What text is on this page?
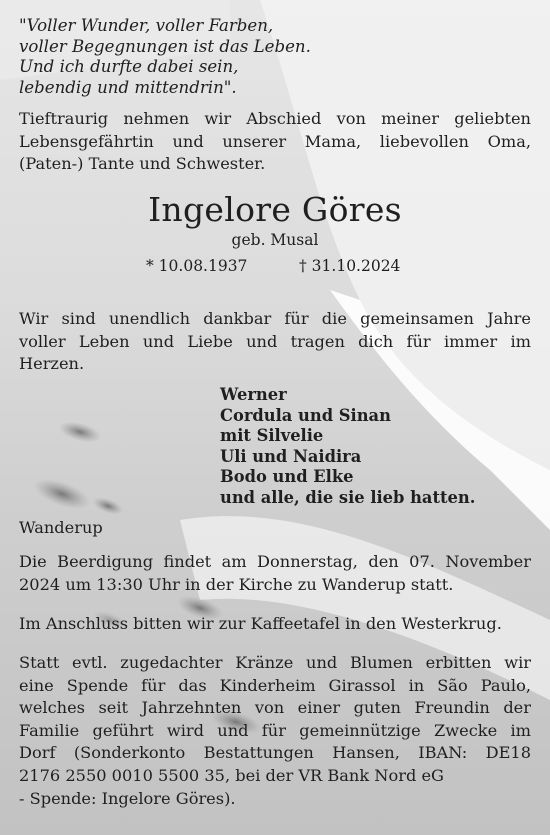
"Voller Wunder, voller Farben,
voller Begegnungen ist das Leben.
Und ich durfte dabei sein,
lebendig und mittendrin".
Tieftraurig nehmen wir Abschied von meiner geliebten
Lebensgefährtin und unserer Mama, liebevollen Oma,
(Paten-) Tante und Schwester.
Ingelore Göres
geb. Musal
* 10.08.1937	† 31.10.2024
Wir sind unendlich dankbar für die gemeinsamen Jahre
voller Leben und Liebe und tragen dich für immer im
Herzen.
Werner
Cordula und Sinan
mit Silvelie
Uli und Naidira
Bodo und Elke
und alle, die sie lieb hatten.
Wanderup
Die Beerdigung findet am Donnerstag, den 07. November
2024 um 13:30 Uhr in der Kirche zu Wanderup statt.
Im Anschluss bitten wir zur Kaffeetafel in den Westerkrug.
Statt evtl. zugedachter Kränze und Blumen erbitten wir
eine Spende für das Kinderheim Girassol in São Paulo,
welches seit Jahrzehnten von einer guten Freundin der
Familie geführt wird und für gemeinnützige Zwecke im
Dorf (Sonderkonto Bestattungen Hansen, IBAN: DE18
2176 2550 0010 5500 35, bei der VR Bank Nord eG
- Spende: Ingelore Göres).
